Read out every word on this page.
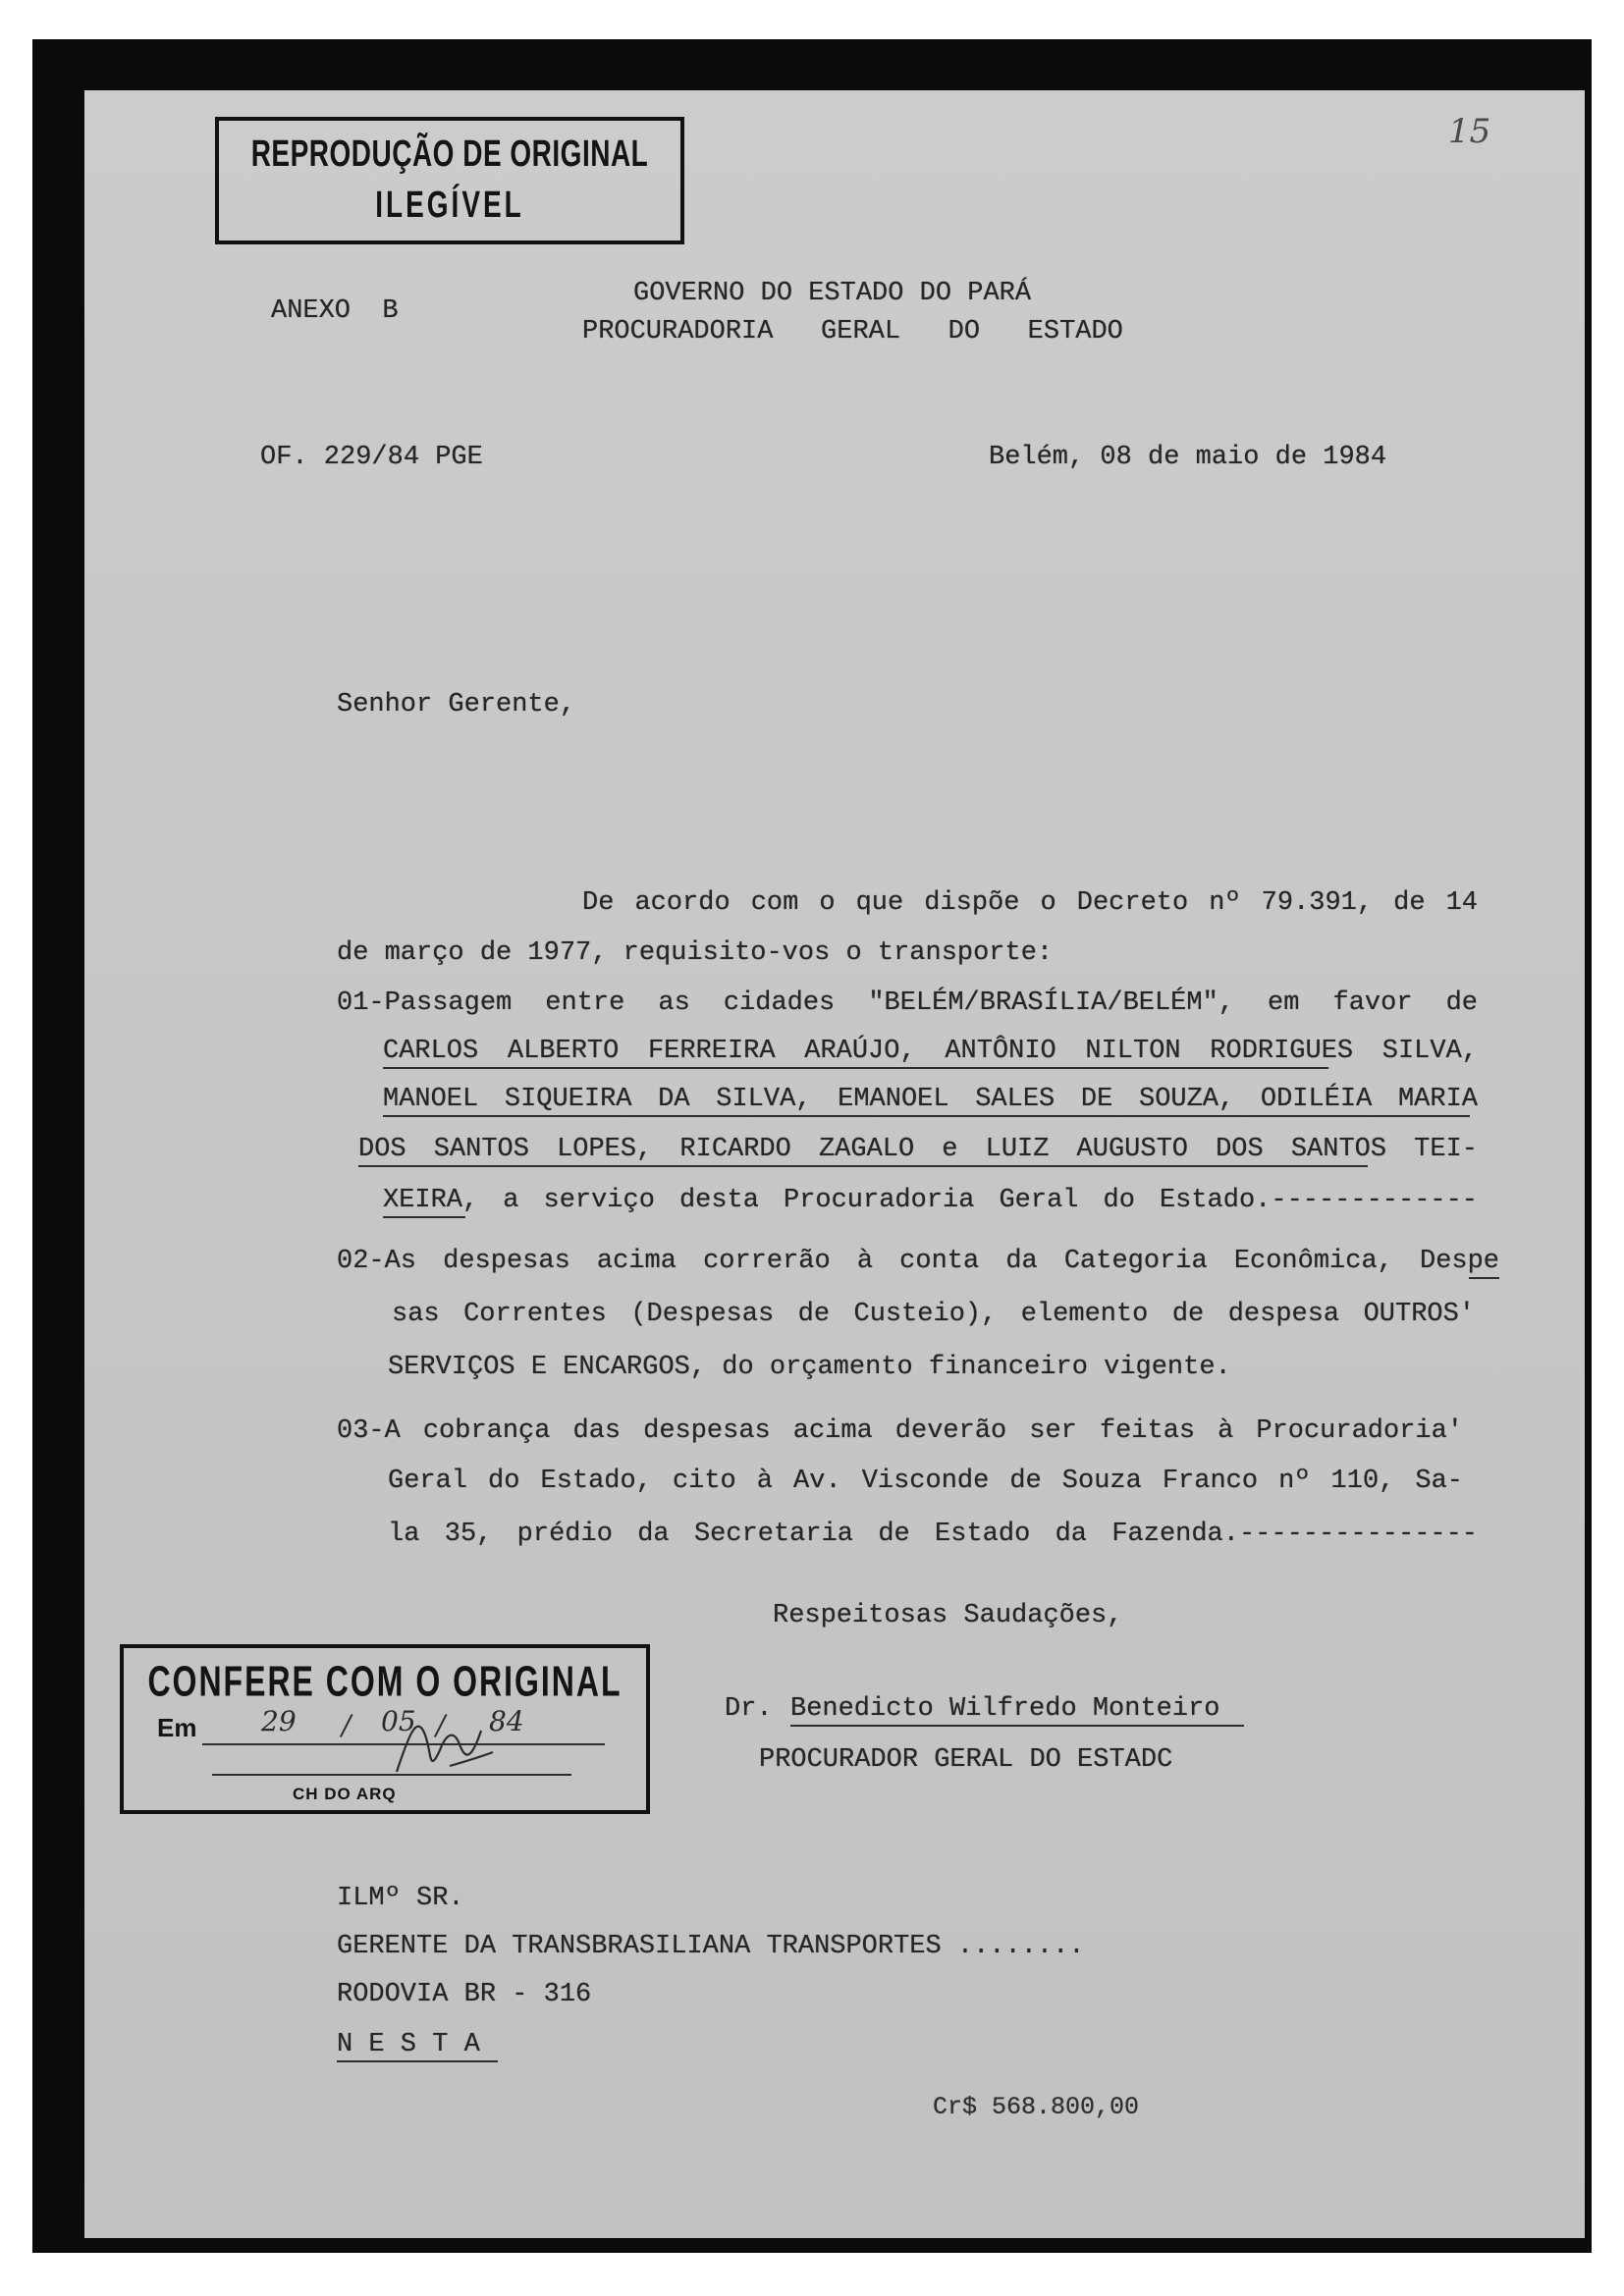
REPRODUÇÃO DE ORIGINAL
ILEGÍVEL
15
ANEXO  B
GOVERNO DO ESTADO DO PARÁ
PROCURADORIA   GERAL   DO   ESTADO
OF. 229/84 PGE	Belém, 08 de maio de 1984
Senhor Gerente,
De acordo com o que dispõe o Decreto nº 79.391, de 14
de março de 1977, requisito-vos o transporte:
01-Passagem entre as cidades "BELÉM/BRASÍLIA/BELÉM", em favor de
CARLOS ALBERTO FERREIRA ARAÚJO, ANTÔNIO NILTON RODRIGUES SILVA,
MANOEL SIQUEIRA DA SILVA, EMANOEL SALES DE SOUZA, ODILÉIA MARIA
DOS SANTOS LOPES, RICARDO ZAGALO e LUIZ AUGUSTO DOS SANTOS TEI-
XEIRA, a serviço desta Procuradoria Geral do Estado.-------------
02-As despesas acima correrão à conta da Categoria Econômica, Despe
sas Correntes (Despesas de Custeio), elemento de despesa OUTROS'
SERVIÇOS E ENCARGOS, do orçamento financeiro vigente.
03-A cobrança das despesas acima deverão ser feitas à Procuradoria'
Geral do Estado, cito à Av. Visconde de Souza Franco nº 110, Sa-
la 35, prédio da Secretaria de Estado da Fazenda.---------------
Respeitosas Saudações,
CONFERE COM O ORIGINAL
Em 29 / 05 / 84
CH DO ARQ
Dr. Benedicto Wilfredo Monteiro
PROCURADOR GERAL DO ESTADC
ILMº SR.
GERENTE DA TRANSBRASILIANA TRANSPORTES ........
RODOVIA BR - 316
N E S T A
Cr$ 568.800,00
